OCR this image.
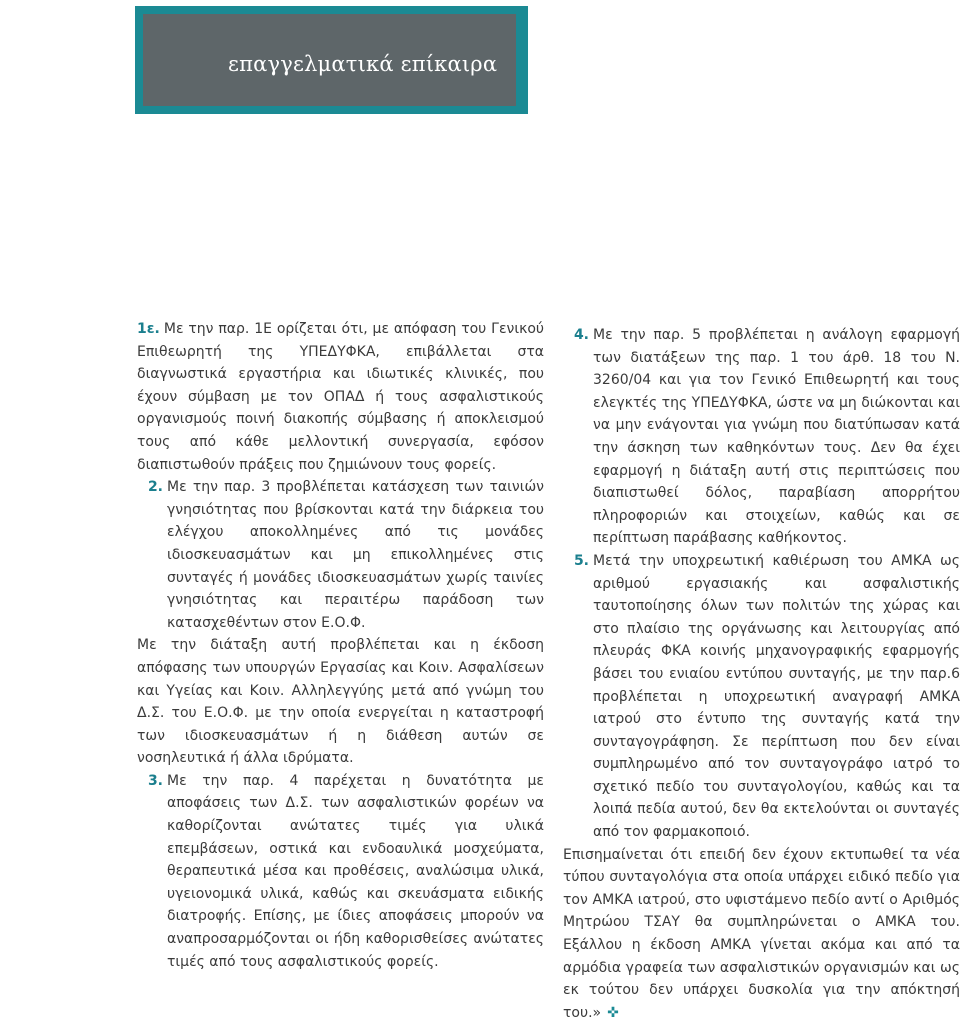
επαγγελματικά επίκαιρα

1ε. Με την παρ. 1Ε ορίζεται ότι, με απόφαση του Γενικού Επιθεωρητή της ΥΠΕΔΥΦΚΑ, επιβάλλεται στα διαγνωστικά εργαστήρια και ιδιωτικές κλινικές, που έχουν σύμβαση με τον ΟΠΑΔ ή τους ασφαλιστικούς οργανισμούς ποινή διακοπής σύμβασης ή αποκλεισμού τους από κάθε μελλοντική συνεργασία, εφόσον διαπιστωθούν πράξεις που ζημιώνουν τους φορείς.

2. Με την παρ. 3 προβλέπεται κατάσχεση των ταινιών γνησιότητας που βρίσκονται κατά την διάρκεια του ελέγχου αποκολλημένες από τις μονάδες ιδιοσκευασμάτων και μη επικολλημένες στις συνταγές ή μονάδες ιδιοσκευασμάτων χωρίς ταινίες γνησιότητας και περαιτέρω παράδοση των κατασχεθέντων στον Ε.Ο.Φ.

Με την διάταξη αυτή προβλέπεται και η έκδοση απόφασης των υπουργών Εργασίας και Κοιν. Ασφαλίσεων και Υγείας και Κοιν. Αλληλεγγύης μετά από γνώμη του Δ.Σ. του Ε.Ο.Φ. με την οποία ενεργείται η καταστροφή των ιδιοσκευασμάτων ή η διάθεση αυτών σε νοσηλευτικά ή άλλα ιδρύματα.

3. Με την παρ. 4 παρέχεται η δυνατότητα με αποφάσεις των Δ.Σ. των ασφαλιστικών φορέων να καθορίζονται ανώτατες τιμές για υλικά επεμβάσεων, οστικά και ενδοαυλικά μοσχεύματα, θεραπευτικά μέσα και προθέσεις, αναλώσιμα υλικά, υγειονομικά υλικά, καθώς και σκευάσματα ειδικής διατροφής. Επίσης, με ίδιες αποφάσεις μπορούν να αναπροσαρμόζονται οι ήδη καθορισθείσες ανώτατες τιμές από τους ασφαλιστικούς φορείς.

4. Με την παρ. 5 προβλέπεται η ανάλογη εφαρμογή των διατάξεων της παρ. 1 του άρθ. 18 του Ν. 3260/04 και για τον Γενικό Επιθεωρητή και τους ελεγκτές της ΥΠΕΔΥΦΚΑ, ώστε να μη διώκονται και να μην ενάγονται για γνώμη που διατύπωσαν κατά την άσκηση των καθηκόντων τους. Δεν θα έχει εφαρμογή η διάταξη αυτή στις περιπτώσεις που διαπιστωθεί δόλος, παραβίαση απορρήτου πληροφοριών και στοιχείων, καθώς και σε περίπτωση παράβασης καθήκοντος.

5. Μετά την υποχρεωτική καθιέρωση του ΑΜΚΑ ως αριθμού εργασιακής και ασφαλιστικής ταυτοποίησης όλων των πολιτών της χώρας και στο πλαίσιο της οργάνωσης και λειτουργίας από πλευράς ΦΚΑ κοινής μηχανογραφικής εφαρμογής βάσει του ενιαίου εντύπου συνταγής, με την παρ.6 προβλέπεται η υποχρεωτική αναγραφή ΑΜΚΑ ιατρού στο έντυπο της συνταγής κατά την συνταγογράφηση. Σε περίπτωση που δεν είναι συμπληρωμένο από τον συνταγογράφο ιατρό το σχετικό πεδίο του συνταγολογίου, καθώς και τα λοιπά πεδία αυτού, δεν θα εκτελούνται οι συνταγές από τον φαρμακοποιό.

Επισημαίνεται ότι επειδή δεν έχουν εκτυπωθεί τα νέα τύπου συνταγολόγια στα οποία υπάρχει ειδικό πεδίο για τον ΑΜΚΑ ιατρού, στο υφιστάμενο πεδίο αντί ο Αριθμός Μητρώου ΤΣΑΥ θα συμπληρώνεται ο ΑΜΚΑ του. Εξάλλου η έκδοση ΑΜΚΑ γίνεται ακόμα και από τα αρμόδια γραφεία των ασφαλιστικών οργανισμών και ως εκ τούτου δεν υπάρχει δυσκολία για την απόκτησή του.» ✜
